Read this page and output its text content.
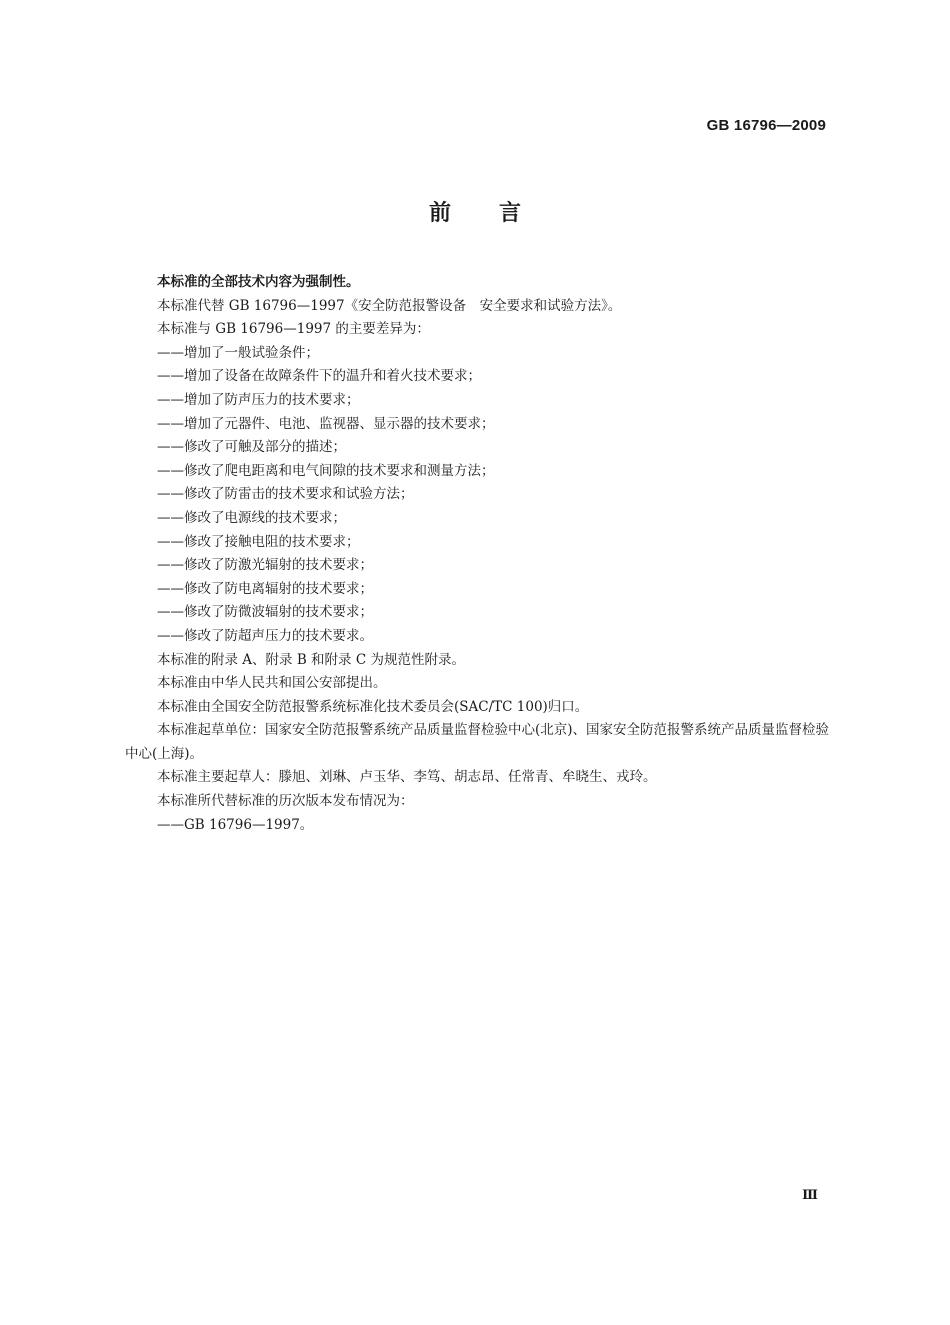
GB 16796—2009
前言

本标准的全部技术内容为强制性。

本标准代替 GB 16796—1997《安全防范报警设备　安全要求和试验方法》。

本标准与 GB 16796—1997 的主要差异为：

——增加了一般试验条件；

——增加了设备在故障条件下的温升和着火技术要求；

——增加了防声压力的技术要求；

——增加了元器件、电池、监视器、显示器的技术要求；

——修改了可触及部分的描述；

——修改了爬电距离和电气间隙的技术要求和测量方法；

——修改了防雷击的技术要求和试验方法；

——修改了电源线的技术要求；

——修改了接触电阻的技术要求；

——修改了防激光辐射的技术要求；

——修改了防电离辐射的技术要求；

——修改了防微波辐射的技术要求；

——修改了防超声压力的技术要求。

本标准的附录 A、附录 B 和附录 C 为规范性附录。

本标准由中华人民共和国公安部提出。

本标准由全国安全防范报警系统标准化技术委员会(SAC/TC 100)归口。

本标准起草单位：国家安全防范报警系统产品质量监督检验中心(北京)、国家安全防范报警系统产品质量监督检验中心(上海)。

本标准主要起草人：滕旭、刘琳、卢玉华、李笃、胡志昂、任常青、牟晓生、戎玲。

本标准所代替标准的历次版本发布情况为：

——GB 16796—1997。

Ⅲ
